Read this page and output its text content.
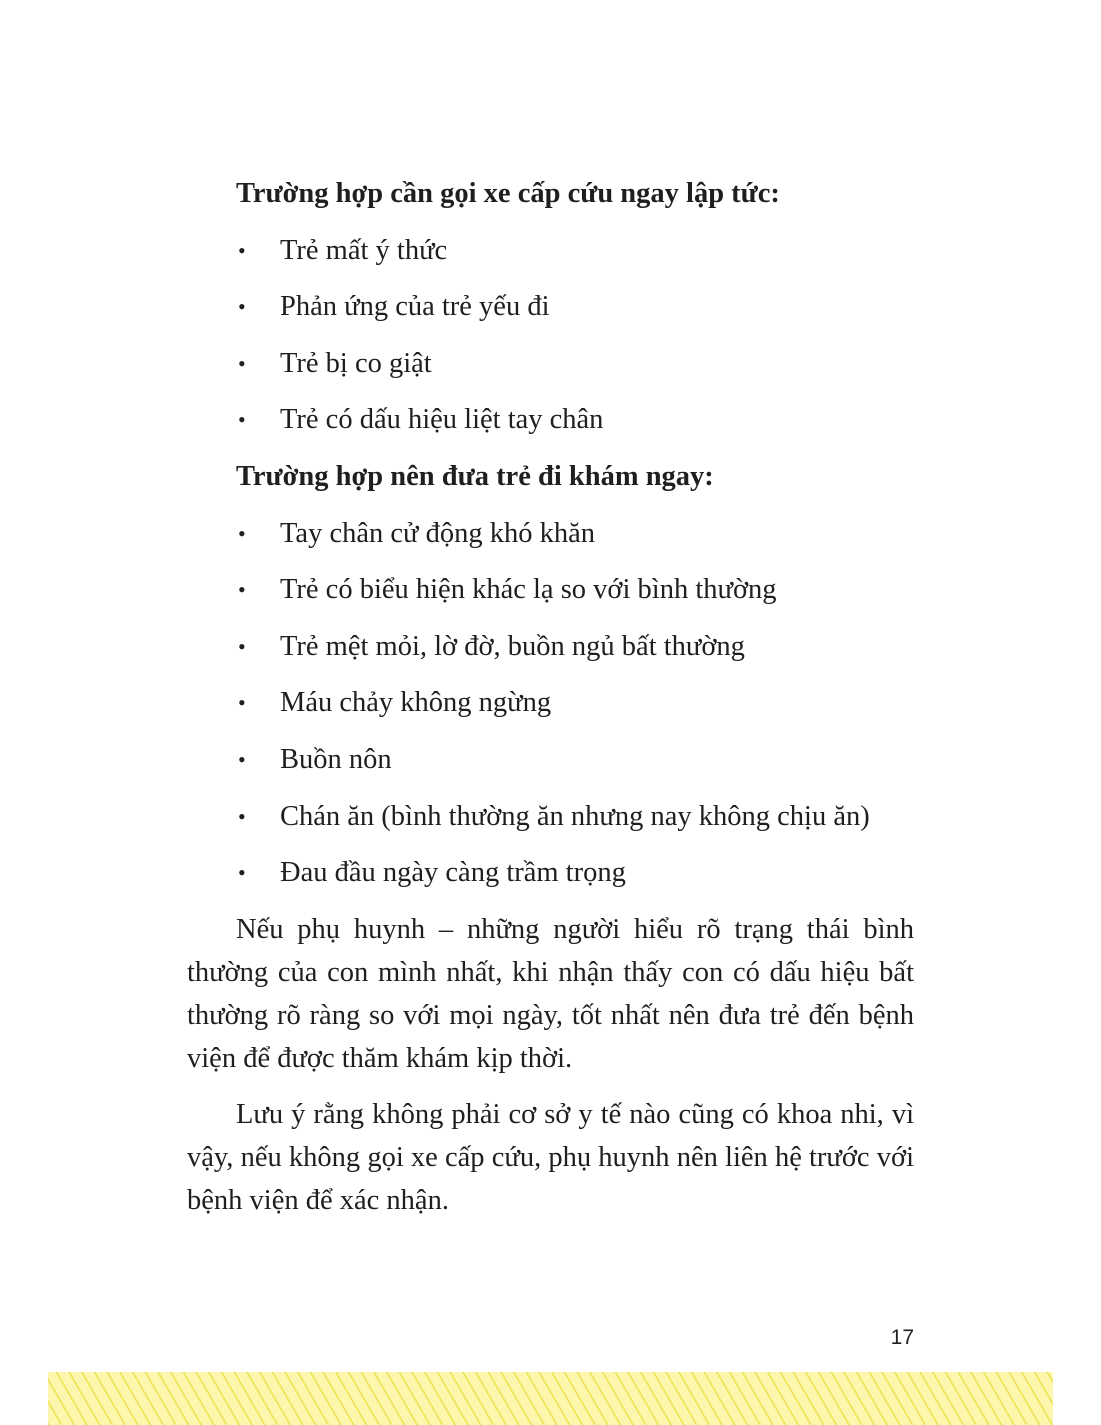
Trường hợp cần gọi xe cấp cứu ngay lập tức:
• Trẻ mất ý thức
• Phản ứng của trẻ yếu đi
• Trẻ bị co giật
• Trẻ có dấu hiệu liệt tay chân
Trường hợp nên đưa trẻ đi khám ngay:
• Tay chân cử động khó khăn
• Trẻ có biểu hiện khác lạ so với bình thường
• Trẻ mệt mỏi, lờ đờ, buồn ngủ bất thường
• Máu chảy không ngừng
• Buồn nôn
• Chán ăn (bình thường ăn nhưng nay không chịu ăn)
• Đau đầu ngày càng trầm trọng

Nếu phụ huynh – những người hiểu rõ trạng thái bình thường của con mình nhất, khi nhận thấy con có dấu hiệu bất thường rõ ràng so với mọi ngày, tốt nhất nên đưa trẻ đến bệnh viện để được thăm khám kịp thời.

Lưu ý rằng không phải cơ sở y tế nào cũng có khoa nhi, vì vậy, nếu không gọi xe cấp cứu, phụ huynh nên liên hệ trước với bệnh viện để xác nhận.

17
